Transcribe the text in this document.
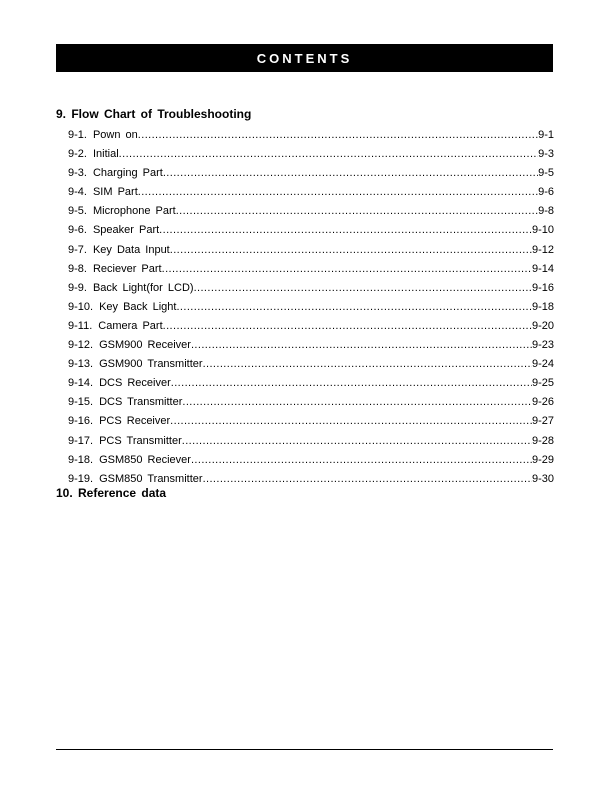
CONTENTS
9. Flow Chart of Troubleshooting
9-1. Pown on .....	9-1
9-2. Initial .....	9-3
9-3. Charging Part .....	9-5
9-4. SIM Part .....	9-6
9-5. Microphone Part .....	9-8
9-6. Speaker Part .....	9-10
9-7. Key Data Input .....	9-12
9-8. Reciever Part .....	9-14
9-9. Back Light(for LCD) .....	9-16
9-10. Key Back Light .....	9-18
9-11. Camera Part .....	9-20
9-12. GSM900 Receiver .....	9-23
9-13. GSM900 Transmitter .....	9-24
9-14. DCS Receiver .....	9-25
9-15. DCS Transmitter .....	9-26
9-16. PCS Receiver .....	9-27
9-17. PCS Transmitter .....	9-28
9-18. GSM850 Reciever .....	9-29
9-19. GSM850 Transmitter .....	9-30
10. Reference data
